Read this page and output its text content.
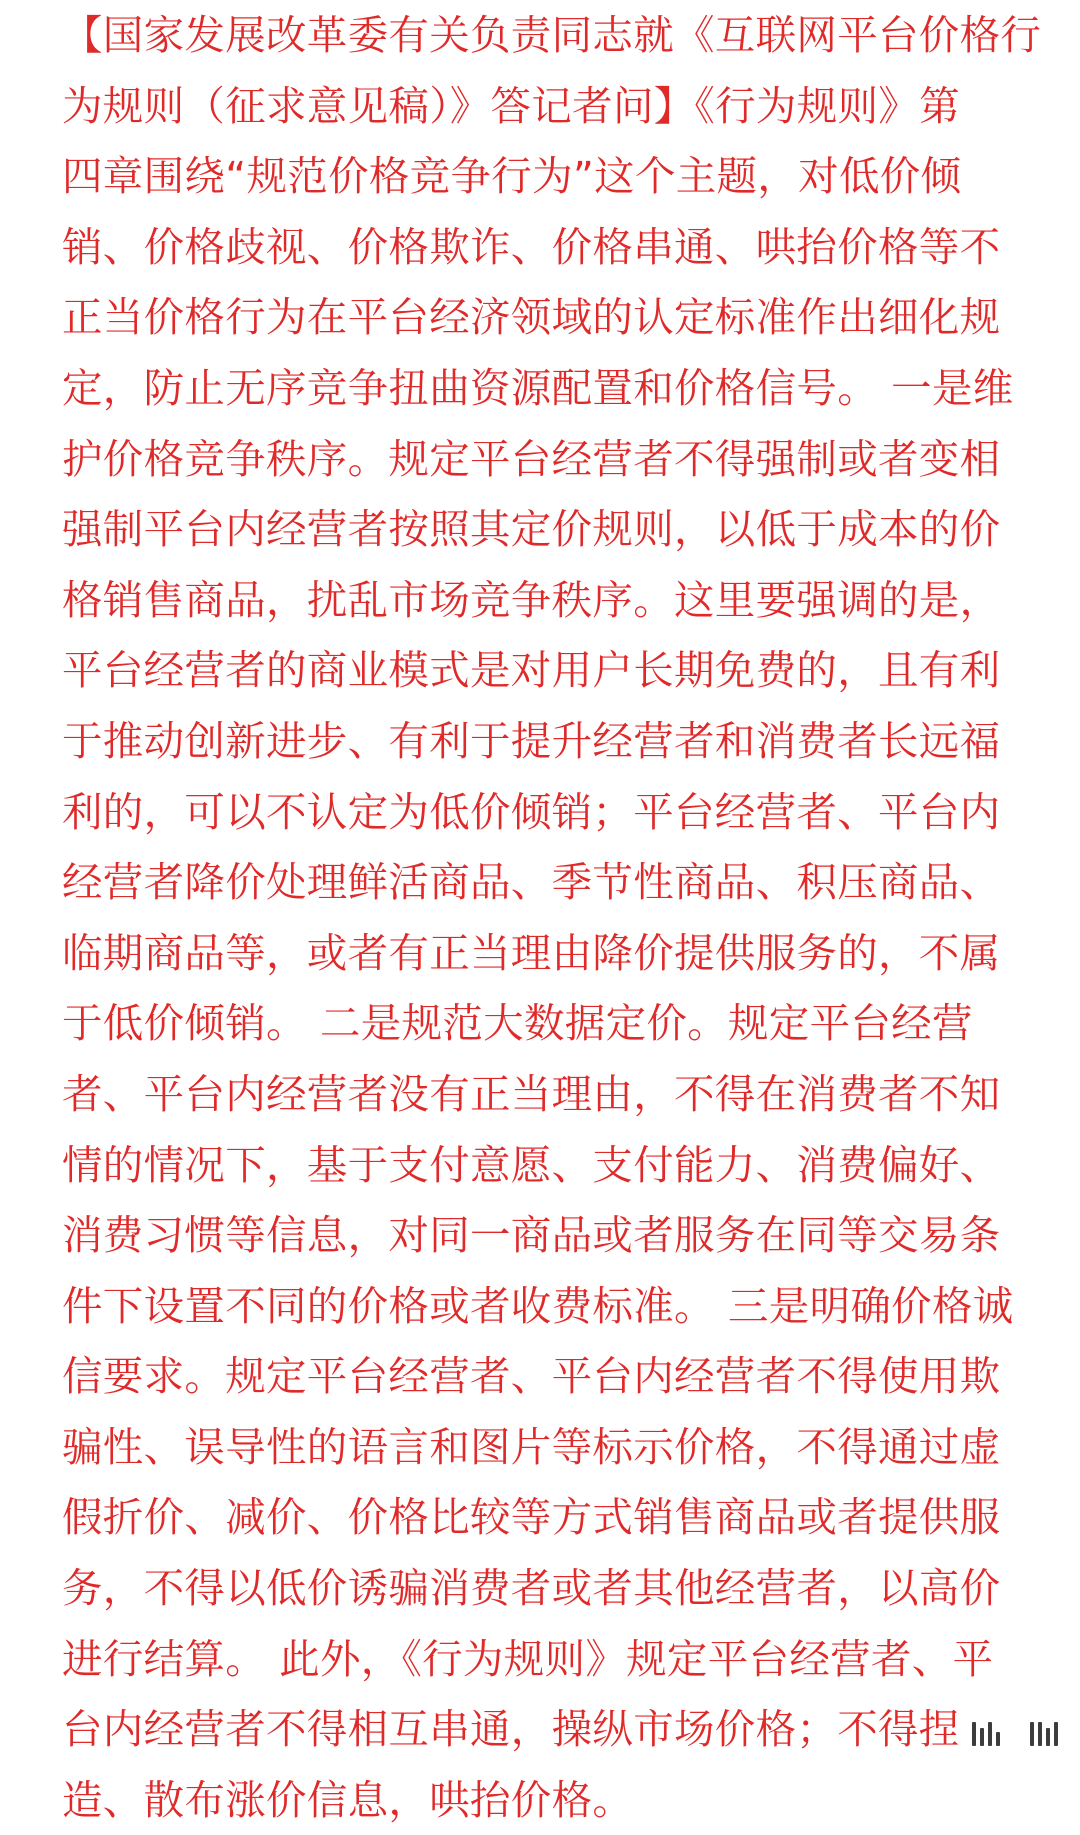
【国家发展改革委有关负责同志就《互联网平台价格行
为规则（征求意见稿）》答记者问】《行为规则》第
四章围绕“规范价格竞争行为”这个主题，对低价倾
销、价格歧视、价格欺诈、价格串通、哄抬价格等不
正当价格行为在平台经济领域的认定标准作出细化规
定，防止无序竞争扭曲资源配置和价格信号。 一是维
护价格竞争秩序。规定平台经营者不得强制或者变相
强制平台内经营者按照其定价规则，以低于成本的价
格销售商品，扰乱市场竞争秩序。这里要强调的是，
平台经营者的商业模式是对用户长期免费的，且有利
于推动创新进步、有利于提升经营者和消费者长远福
利的，可以不认定为低价倾销；平台经营者、平台内
经营者降价处理鲜活商品、季节性商品、积压商品、
临期商品等，或者有正当理由降价提供服务的，不属
于低价倾销。 二是规范大数据定价。规定平台经营
者、平台内经营者没有正当理由，不得在消费者不知
情的情况下，基于支付意愿、支付能力、消费偏好、
消费习惯等信息，对同一商品或者服务在同等交易条
件下设置不同的价格或者收费标准。 三是明确价格诚
信要求。规定平台经营者、平台内经营者不得使用欺
骗性、误导性的语言和图片等标示价格，不得通过虚
假折价、减价、价格比较等方式销售商品或者提供服
务，不得以低价诱骗消费者或者其他经营者，以高价
进行结算。 此外，《行为规则》规定平台经营者、平
台内经营者不得相互串通，操纵市场价格；不得捏
造、散布涨价信息，哄抬价格。
